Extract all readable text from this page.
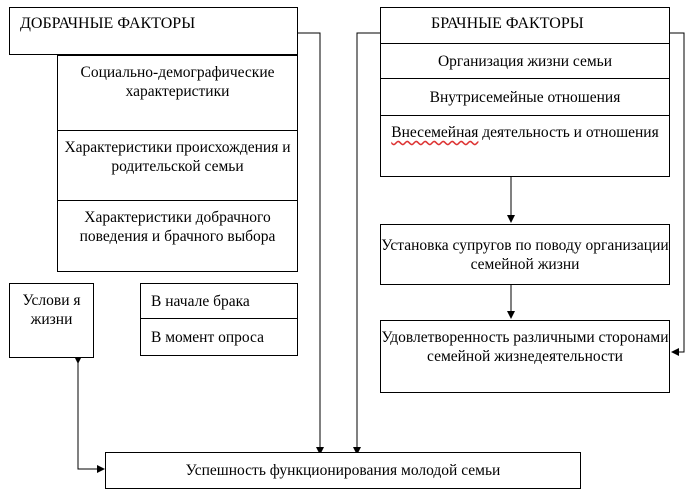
ДОБРАЧНЫЕ ФАКТОРЫ
Социально-демографические характеристики
Характеристики происхождения и родительской семьи
Характеристики добрачного поведения и брачного выбора
Услови я жизни
В начале брака
В момент опроса
БРАЧНЫЕ ФАКТОРЫ
Организация жизни семьи
Внутрисемейные отношения
Внесемейная деятельность и отношения
Установка супругов по поводу организации семейной жизни
Удовлетворенность различными сторонами семейной жизнедеятельности
Успешность функционирования молодой семьи
